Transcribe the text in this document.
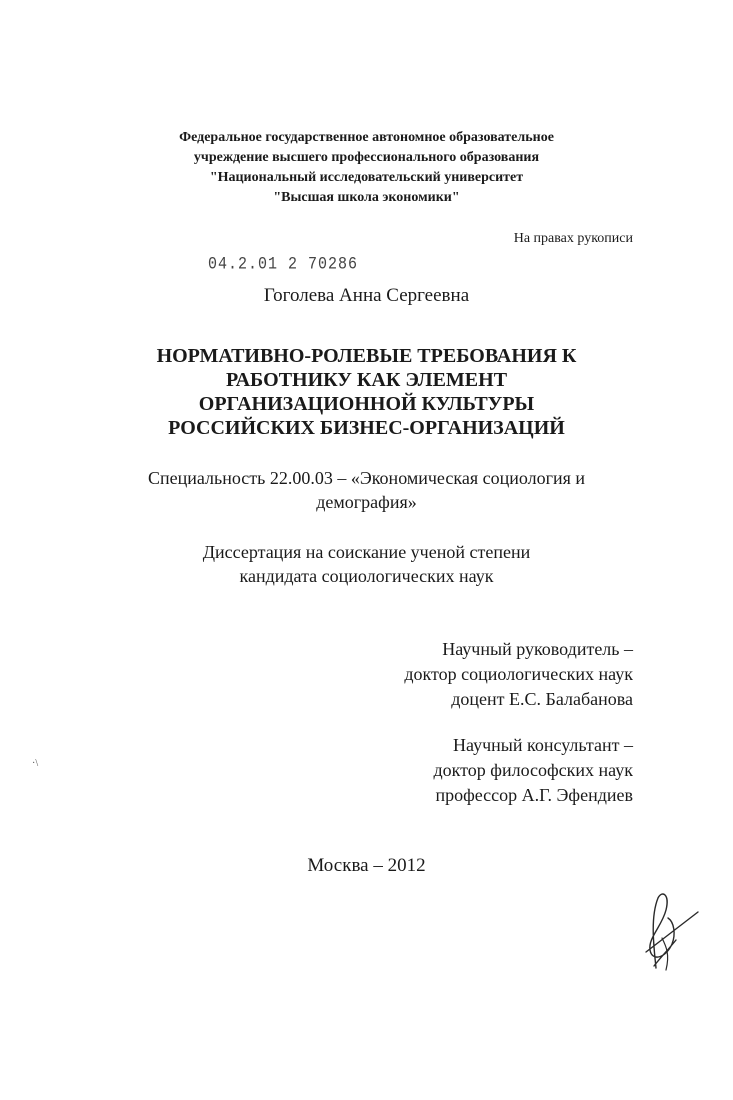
Федеральное государственное автономное образовательное
учреждение высшего профессионального образования
"Национальный исследовательский университет
"Высшая школа экономики"
На правах рукописи
04.2.01 2 70286
Гоголева Анна Сергеевна
НОРМАТИВНО-РОЛЕВЫЕ ТРЕБОВАНИЯ К
РАБОТНИКУ КАК ЭЛЕМЕНТ
ОРГАНИЗАЦИОННОЙ КУЛЬТУРЫ
РОССИЙСКИХ БИЗНЕС-ОРГАНИЗАЦИЙ
Специальность 22.00.03 – «Экономическая социология и
демография»
Диссертация на соискание ученой степени
кандидата социологических наук
Научный руководитель –
доктор социологических наук
доцент Е.С. Балабанова
Научный консультант –
доктор философских наук
профессор А.Г. Эфендиев
·\
Москва – 2012
